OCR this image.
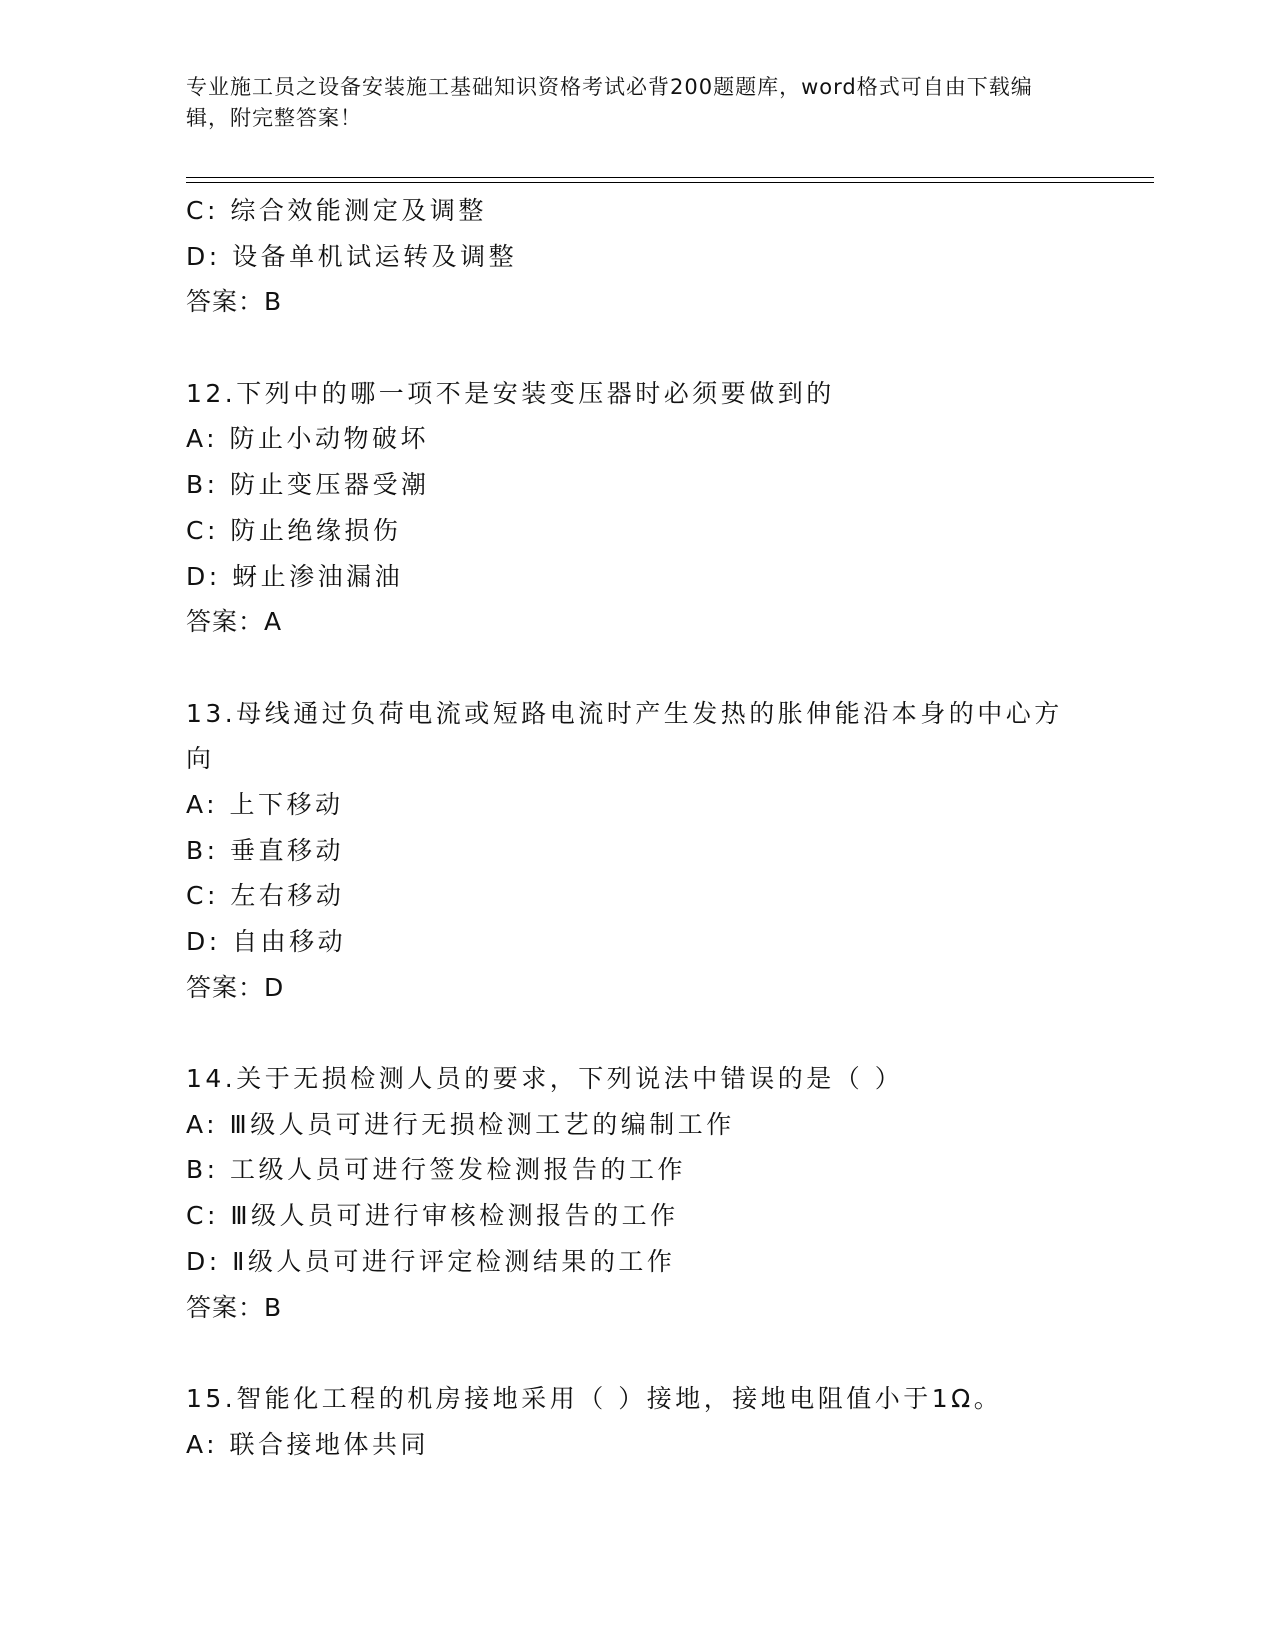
专业施工员之设备安装施工基础知识资格考试必背200题题库，word格式可自由下载编辑，附完整答案！
C: 综合效能测定及调整
D: 设备单机试运转及调整
答案：B
12.下列中的哪一项不是安装变压器时必须要做到的
A: 防止小动物破坏
B: 防止变压器受潮
C: 防止绝缘损伤
D: 蚜止渗油漏油
答案：A
13.母线通过负荷电流或短路电流时产生发热的胀伸能沿本身的中心方向
A: 上下移动
B: 垂直移动
C: 左右移动
D: 自由移动
答案：D
14.关于无损检测人员的要求，下列说法中错误的是（ ）
A: Ⅲ级人员可进行无损检测工艺的编制工作
B: 工级人员可进行签发检测报告的工作
C: Ⅲ级人员可进行审核检测报告的工作
D: Ⅱ级人员可进行评定检测结果的工作
答案：B
15.智能化工程的机房接地采用（ ）接地，接地电阻值小于1Ω。
A: 联合接地体共同
